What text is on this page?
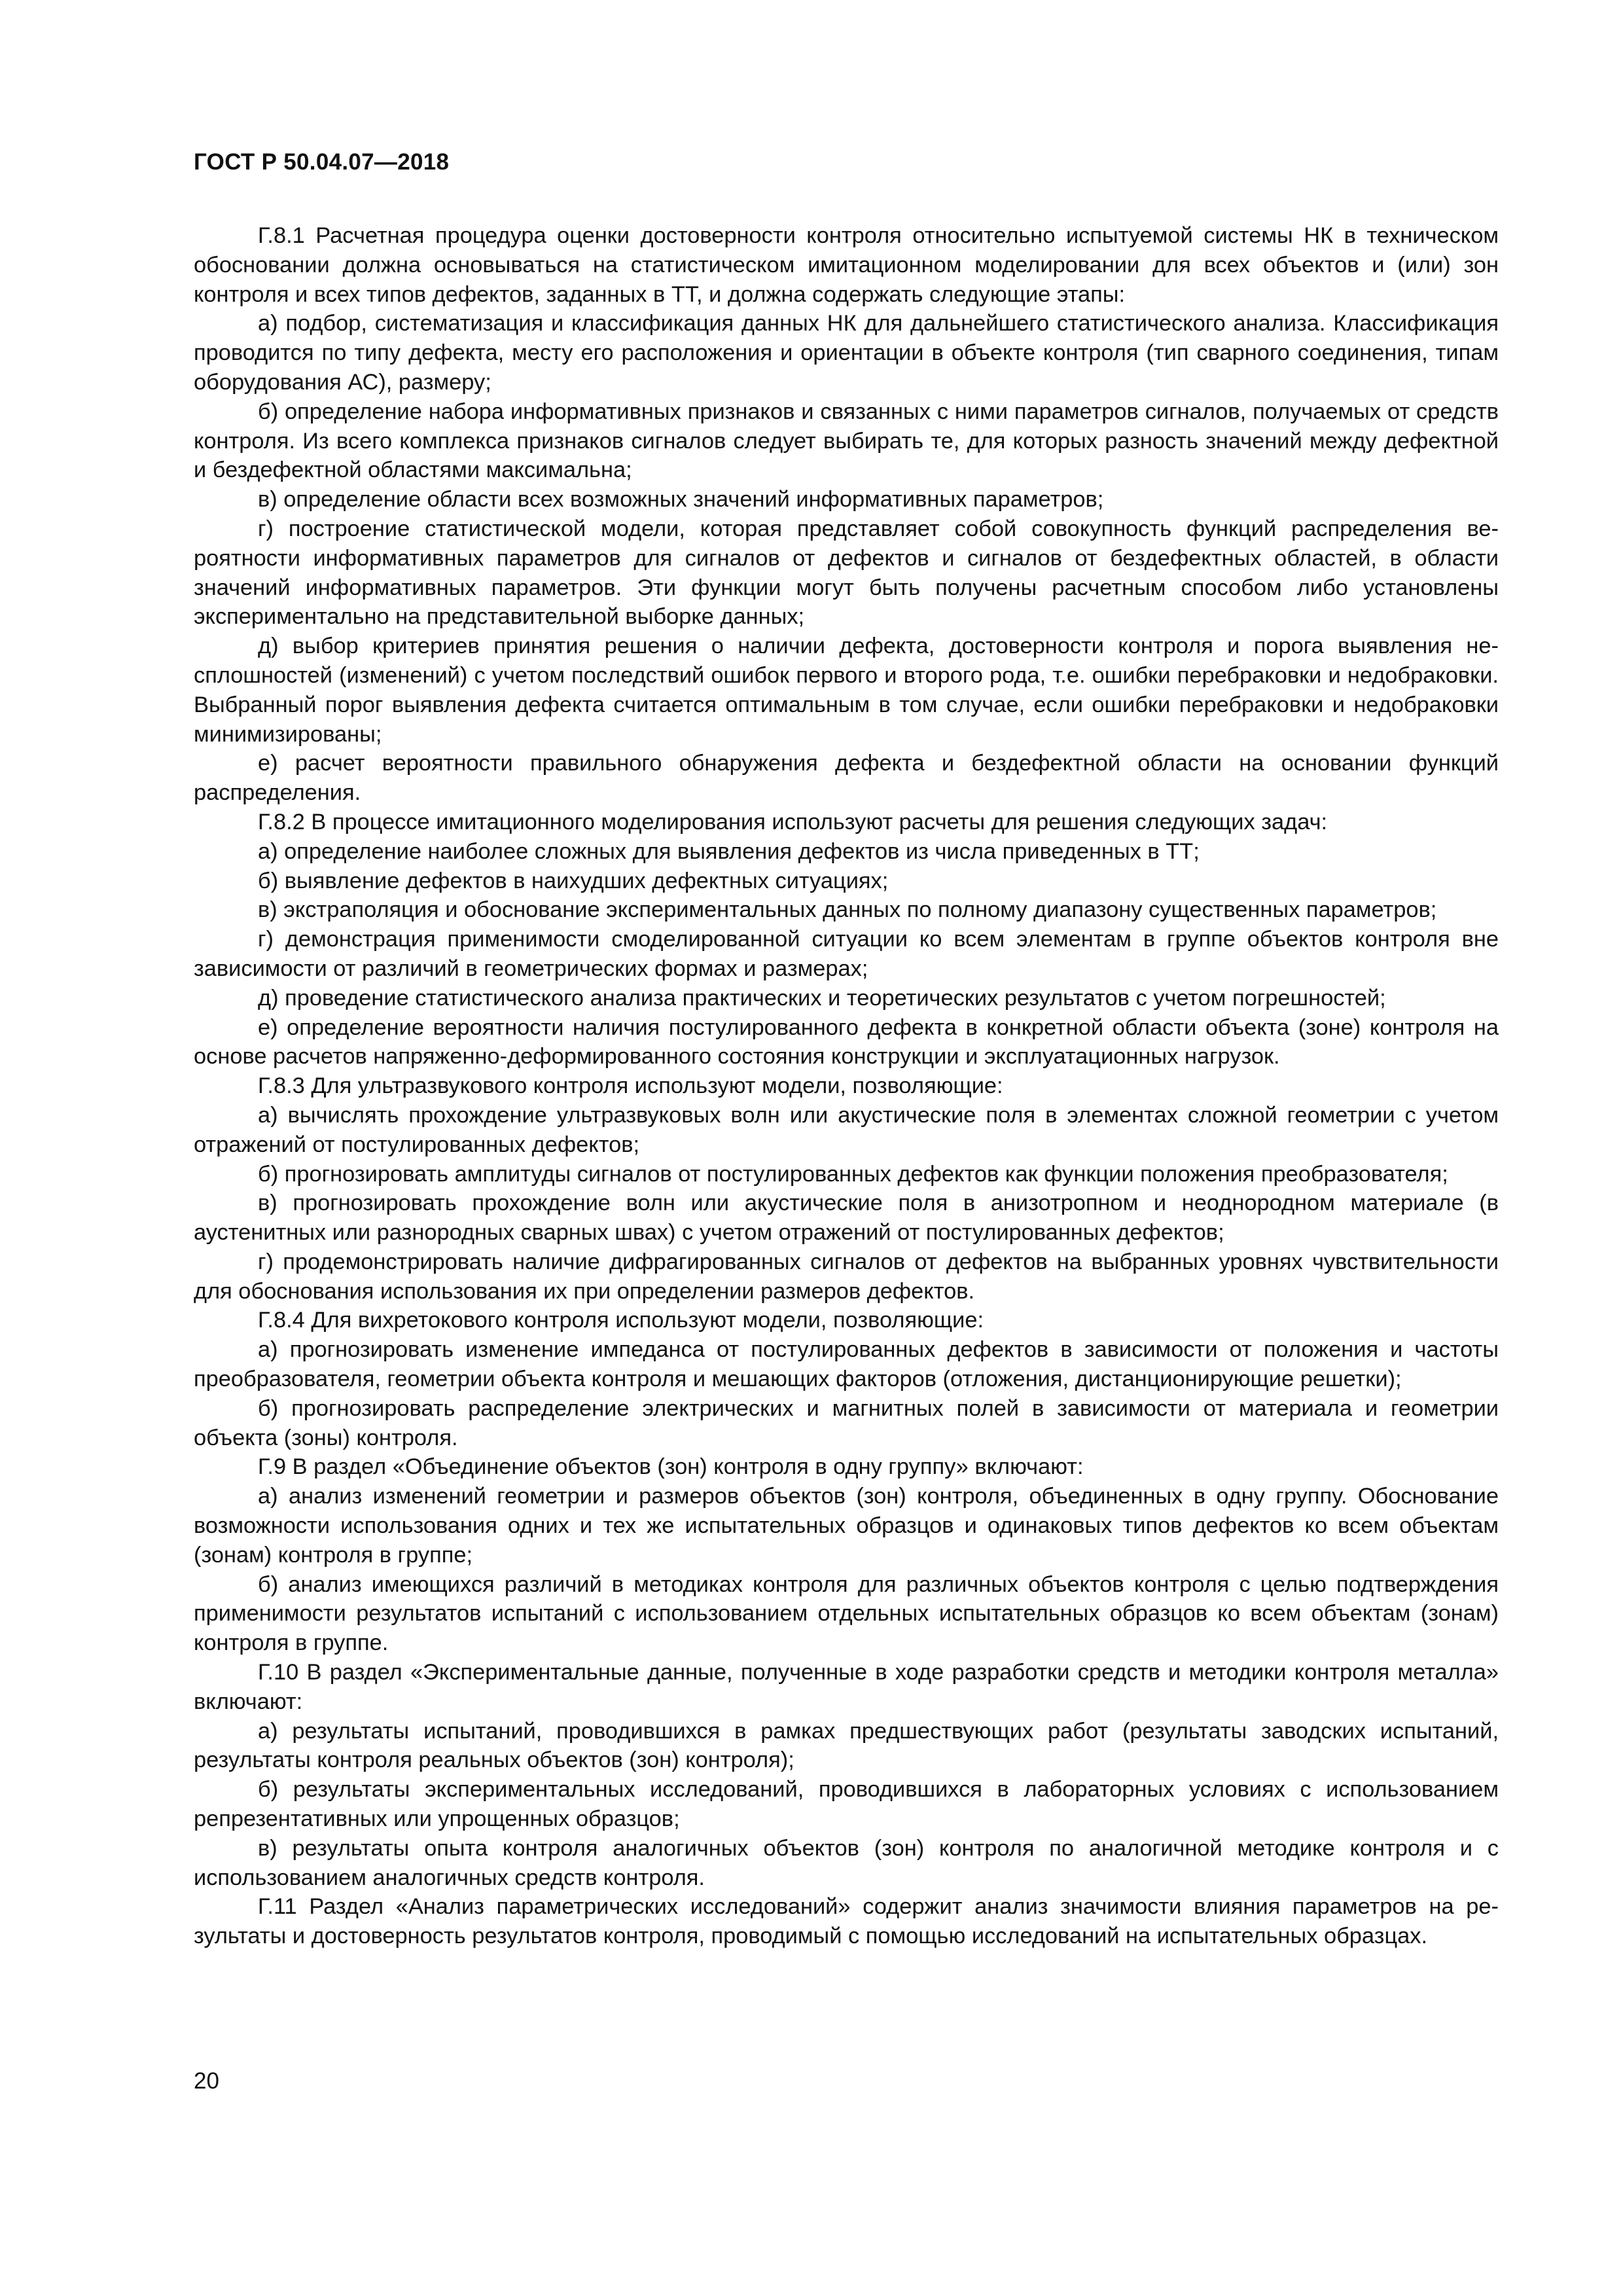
ГОСТ Р 50.04.07—2018

Г.8.1 Расчетная процедура оценки достоверности контроля относительно испытуемой системы НК в техническом обосновании должна основываться на статистическом имитационном моделировании для всех объектов и (или) зон контроля и всех типов дефектов, заданных в ТТ, и должна содержать следующие этапы:

а) подбор, систематизация и классификация данных НК для дальнейшего статистического анализа. Классификация проводится по типу дефекта, месту его расположения и ориентации в объекте контроля (тип сварного соединения, типам оборудования АС), размеру;

б) определение набора информативных признаков и связанных с ними параметров сигналов, получаемых от средств контроля. Из всего комплекса признаков сигналов следует выбирать те, для которых разность значений между дефектной и бездефектной областями максимальна;

в) определение области всех возможных значений информативных параметров;

г) построение статистической модели, которая представляет собой совокупность функций распределения вероятности информативных параметров для сигналов от дефектов и сигналов от бездефектных областей, в области значений информативных параметров. Эти функции могут быть получены расчетным способом либо установлены экспериментально на представительной выборке данных;

д) выбор критериев принятия решения о наличии дефекта, достоверности контроля и порога выявления несплошностей (изменений) с учетом последствий ошибок первого и второго рода, т.е. ошибки перебраковки и недобраковки. Выбранный порог выявления дефекта считается оптимальным в том случае, если ошибки перебраковки и недобраковки минимизированы;

е) расчет вероятности правильного обнаружения дефекта и бездефектной области на основании функций распределения.

Г.8.2 В процессе имитационного моделирования используют расчеты для решения следующих задач:

а) определение наиболее сложных для выявления дефектов из числа приведенных в ТТ;

б) выявление дефектов в наихудших дефектных ситуациях;

в) экстраполяция и обоснование экспериментальных данных по полному диапазону существенных параметров;

г) демонстрация применимости смоделированной ситуации ко всем элементам в группе объектов контроля вне зависимости от различий в геометрических формах и размерах;

д) проведение статистического анализа практических и теоретических результатов с учетом погрешностей;

е) определение вероятности наличия постулированного дефекта в конкретной области объекта (зоне) контроля на основе расчетов напряженно-деформированного состояния конструкции и эксплуатационных нагрузок.

Г.8.3 Для ультразвукового контроля используют модели, позволяющие:

а) вычислять прохождение ультразвуковых волн или акустические поля в элементах сложной геометрии с учетом отражений от постулированных дефектов;

б) прогнозировать амплитуды сигналов от постулированных дефектов как функции положения преобразователя;

в) прогнозировать прохождение волн или акустические поля в анизотропном и неоднородном материале (в аустенитных или разнородных сварных швах) с учетом отражений от постулированных дефектов;

г) продемонстрировать наличие дифрагированных сигналов от дефектов на выбранных уровнях чувствительности для обоснования использования их при определении размеров дефектов.

Г.8.4 Для вихретокового контроля используют модели, позволяющие:

а) прогнозировать изменение импеданса от постулированных дефектов в зависимости от положения и частоты преобразователя, геометрии объекта контроля и мешающих факторов (отложения, дистанционирующие решетки);

б) прогнозировать распределение электрических и магнитных полей в зависимости от материала и геометрии объекта (зоны) контроля.

Г.9 В раздел «Объединение объектов (зон) контроля в одну группу» включают:

а) анализ изменений геометрии и размеров объектов (зон) контроля, объединенных в одну группу. Обоснование возможности использования одних и тех же испытательных образцов и одинаковых типов дефектов ко всем объектам (зонам) контроля в группе;

б) анализ имеющихся различий в методиках контроля для различных объектов контроля с целью подтверждения применимости результатов испытаний с использованием отдельных испытательных образцов ко всем объектам (зонам) контроля в группе.

Г.10 В раздел «Экспериментальные данные, полученные в ходе разработки средств и методики контроля металла» включают:

а) результаты испытаний, проводившихся в рамках предшествующих работ (результаты заводских испытаний, результаты контроля реальных объектов (зон) контроля);

б) результаты экспериментальных исследований, проводившихся в лабораторных условиях с использованием репрезентативных или упрощенных образцов;

в) результаты опыта контроля аналогичных объектов (зон) контроля по аналогичной методике контроля и с использованием аналогичных средств контроля.

Г.11 Раздел «Анализ параметрических исследований» содержит анализ значимости влияния параметров на результаты и достоверность результатов контроля, проводимый с помощью исследований на испытательных образцах.

20
